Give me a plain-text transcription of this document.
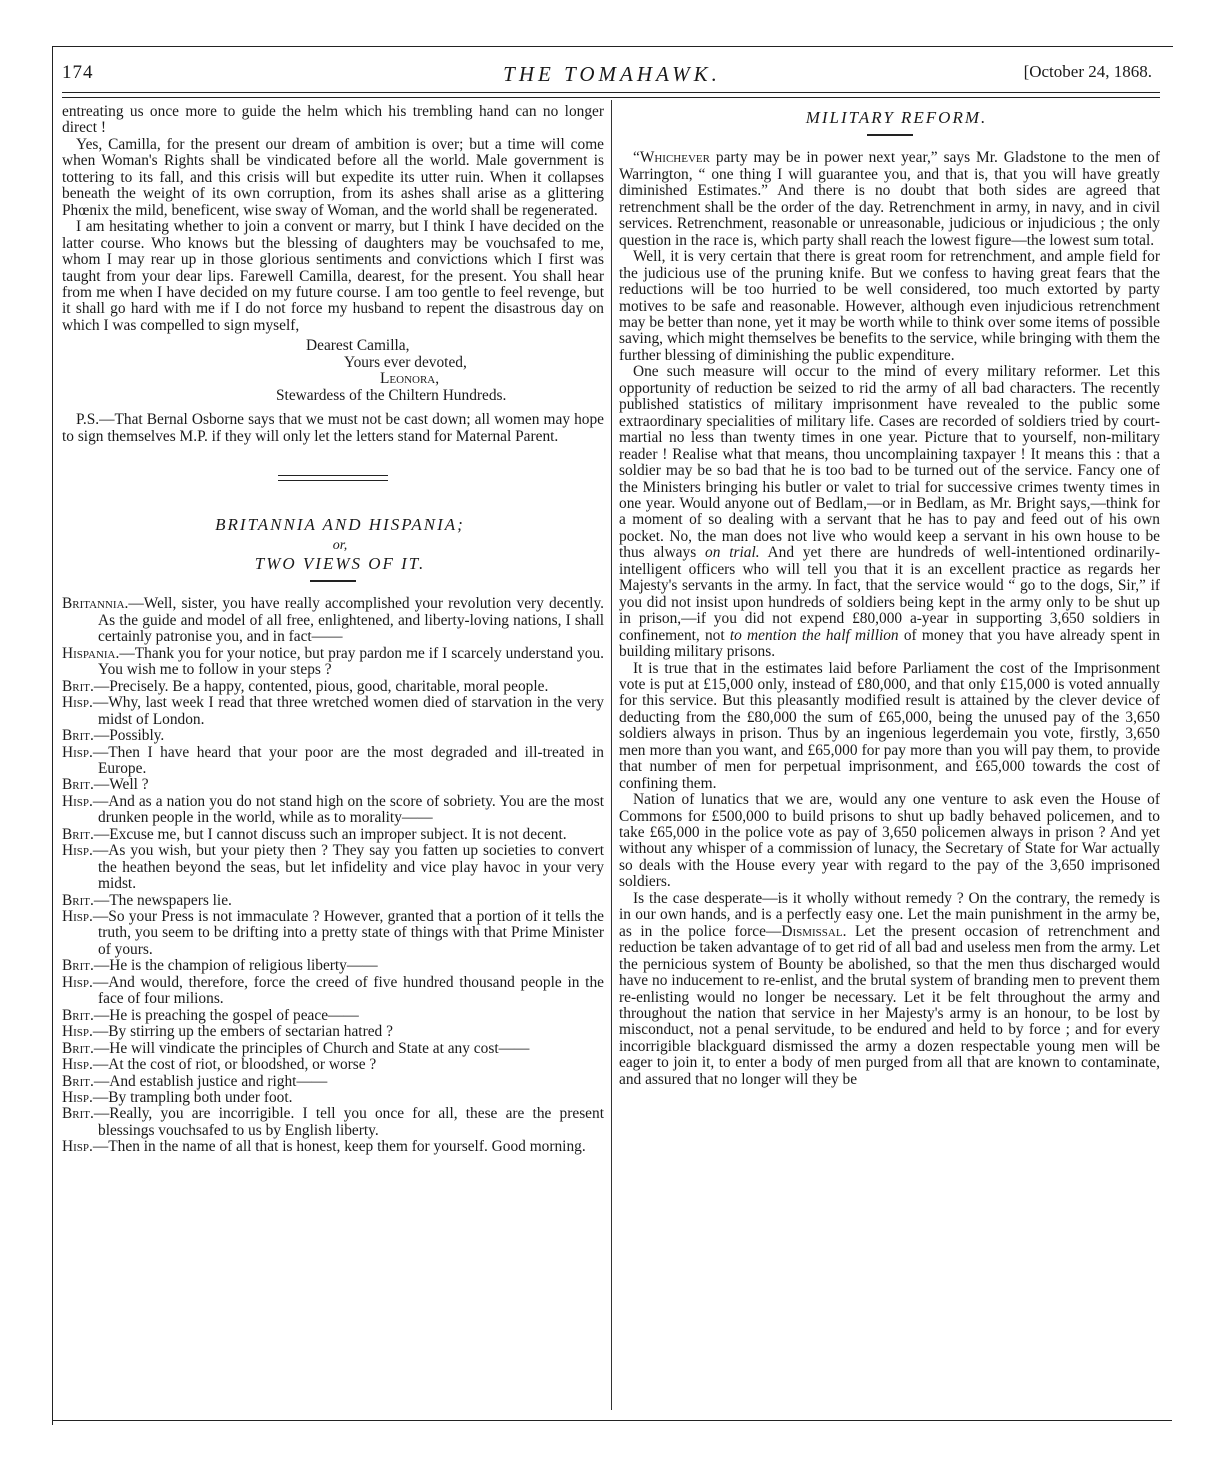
174	THE TOMAHAWK.	[October 24, 1868.

entreating us once more to guide the helm which his trembling hand can no longer direct !

Yes, Camilla, for the present our dream of ambition is over; but a time will come when Woman's Rights shall be vindicated before all the world. Male government is tottering to its fall, and this crisis will but expedite its utter ruin. When it collapses beneath the weight of its own corruption, from its ashes shall arise as a glittering Phœnix the mild, beneficent, wise sway of Woman, and the world shall be regenerated.

I am hesitating whether to join a convent or marry, but I think I have decided on the latter course. Who knows but the blessing of daughters may be vouchsafed to me, whom I may rear up in those glorious sentiments and convictions which I first was taught from your dear lips. Farewell Camilla, dearest, for the present. You shall hear from me when I have decided on my future course. I am too gentle to feel revenge, but it shall go hard with me if I do not force my husband to repent the disastrous day on which I was compelled to sign myself,

Dearest Camilla,

Yours ever devoted,

Leonora,

Stewardess of the Chiltern Hundreds.

P.S.—That Bernal Osborne says that we must not be cast down; all women may hope to sign themselves M.P. if they will only let the letters stand for Maternal Parent.

BRITANNIA AND HISPANIA;

or,

TWO VIEWS OF IT.

Britannia.—Well, sister, you have really accomplished your revolution very decently. As the guide and model of all free, enlightened, and liberty-loving nations, I shall certainly patronise you, and in fact——

Hispania.—Thank you for your notice, but pray pardon me if I scarcely understand you. You wish me to follow in your steps ?

Brit.—Precisely. Be a happy, contented, pious, good, charitable, moral people.

Hisp.—Why, last week I read that three wretched women died of starvation in the very midst of London.

Brit.—Possibly.

Hisp.—Then I have heard that your poor are the most degraded and ill-treated in Europe.

Brit.—Well ?

Hisp.—And as a nation you do not stand high on the score of sobriety. You are the most drunken people in the world, while as to morality——

Brit.—Excuse me, but I cannot discuss such an improper subject. It is not decent.

Hisp.—As you wish, but your piety then ? They say you fatten up societies to convert the heathen beyond the seas, but let infidelity and vice play havoc in your very midst.

Brit.—The newspapers lie.

Hisp.—So your Press is not immaculate ? However, granted that a portion of it tells the truth, you seem to be drifting into a pretty state of things with that Prime Minister of yours.

Brit.—He is the champion of religious liberty——

Hisp.—And would, therefore, force the creed of five hundred thousand people in the face of four milions.

Brit.—He is preaching the gospel of peace——

Hisp.—By stirring up the embers of sectarian hatred ?

Brit.—He will vindicate the principles of Church and State at any cost——

Hisp.—At the cost of riot, or bloodshed, or worse ?

Brit.—And establish justice and right——

Hisp.—By trampling both under foot.

Brit.—Really, you are incorrigible. I tell you once for all, these are the present blessings vouchsafed to us by English liberty.

Hisp.—Then in the name of all that is honest, keep them for yourself. Good morning.

MILITARY REFORM.

“Whichever party may be in power next year,” says Mr. Gladstone to the men of Warrington, “ one thing I will guarantee you, and that is, that you will have greatly diminished Estimates.” And there is no doubt that both sides are agreed that retrenchment shall be the order of the day. Retrenchment in army, in navy, and in civil services. Retrenchment, reasonable or unreasonable, judicious or injudicious ; the only question in the race is, which party shall reach the lowest figure—the lowest sum total.

Well, it is very certain that there is great room for retrenchment, and ample field for the judicious use of the pruning knife. But we confess to having great fears that the reductions will be too hurried to be well considered, too much extorted by party motives to be safe and reasonable. However, although even injudicious retrenchment may be better than none, yet it may be worth while to think over some items of possible saving, which might themselves be benefits to the service, while bringing with them the further blessing of diminishing the public expenditure.

One such measure will occur to the mind of every military reformer. Let this opportunity of reduction be seized to rid the army of all bad characters. The recently published statistics of military imprisonment have revealed to the public some extraordinary specialities of military life. Cases are recorded of soldiers tried by court-martial no less than twenty times in one year. Picture that to yourself, non-military reader ! Realise what that means, thou uncomplaining taxpayer ! It means this : that a soldier may be so bad that he is too bad to be turned out of the service. Fancy one of the Ministers bringing his butler or valet to trial for successive crimes twenty times in one year. Would anyone out of Bedlam,—or in Bedlam, as Mr. Bright says,—think for a moment of so dealing with a servant that he has to pay and feed out of his own pocket. No, the man does not live who would keep a servant in his own house to be thus always on trial. And yet there are hundreds of well-intentioned ordinarily-intelligent officers who will tell you that it is an excellent practice as regards her Majesty's servants in the army. In fact, that the service would “ go to the dogs, Sir,” if you did not insist upon hundreds of soldiers being kept in the army only to be shut up in prison,—if you did not expend £80,000 a-year in supporting 3,650 soldiers in confinement, not to mention the half million of money that you have already spent in building military prisons.

It is true that in the estimates laid before Parliament the cost of the Imprisonment vote is put at £15,000 only, instead of £80,000, and that only £15,000 is voted annually for this service. But this pleasantly modified result is attained by the clever device of deducting from the £80,000 the sum of £65,000, being the unused pay of the 3,650 soldiers always in prison. Thus by an ingenious legerdemain you vote, firstly, 3,650 men more than you want, and £65,000 for pay more than you will pay them, to provide that number of men for perpetual imprisonment, and £65,000 towards the cost of confining them.

Nation of lunatics that we are, would any one venture to ask even the House of Commons for £500,000 to build prisons to shut up badly behaved policemen, and to take £65,000 in the police vote as pay of 3,650 policemen always in prison ? And yet without any whisper of a commission of lunacy, the Secretary of State for War actually so deals with the House every year with regard to the pay of the 3,650 imprisoned soldiers.

Is the case desperate—is it wholly without remedy ? On the contrary, the remedy is in our own hands, and is a perfectly easy one. Let the main punishment in the army be, as in the police force—Dismissal. Let the present occasion of retrenchment and reduction be taken advantage of to get rid of all bad and useless men from the army. Let the pernicious system of Bounty be abolished, so that the men thus discharged would have no inducement to re-enlist, and the brutal system of branding men to prevent them re-enlisting would no longer be necessary. Let it be felt throughout the army and throughout the nation that service in her Majesty's army is an honour, to be lost by misconduct, not a penal servitude, to be endured and held to by force ; and for every incorrigible blackguard dismissed the army a dozen respectable young men will be eager to join it, to enter a body of men purged from all that are known to contaminate, and assured that no longer will they be
